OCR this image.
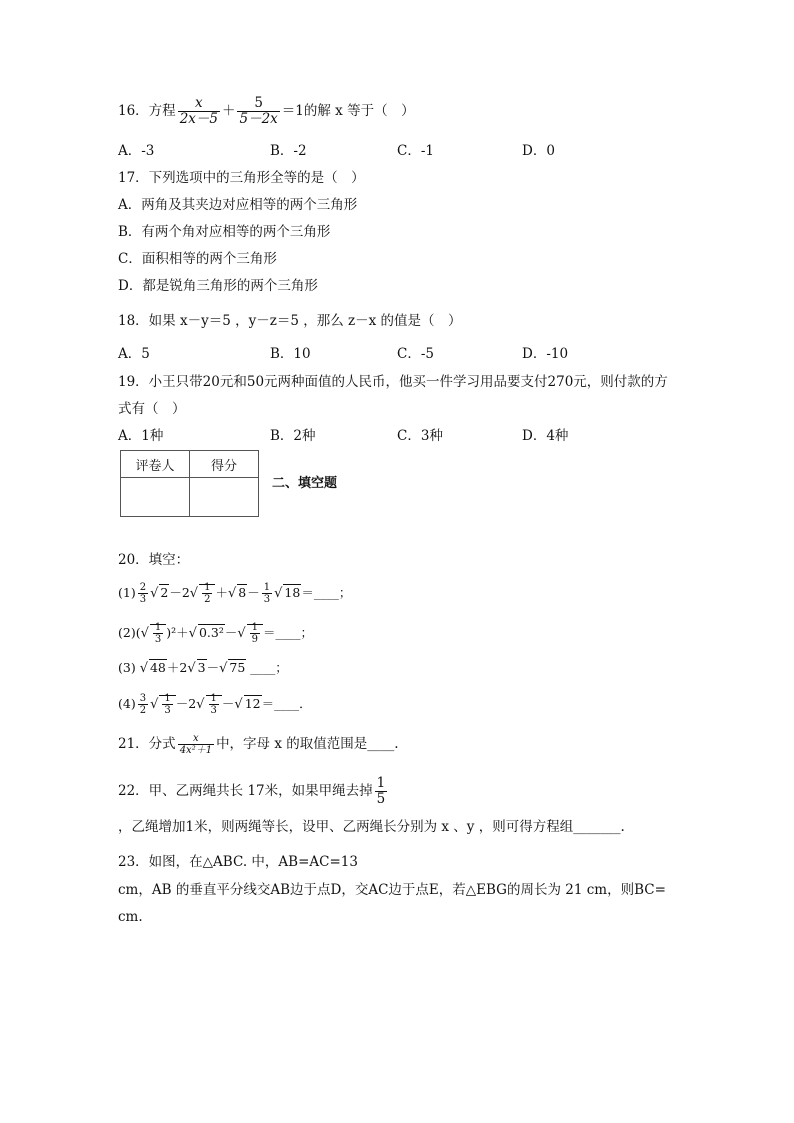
16．方程 $\frac{x}{2x-5} + \frac{5}{5-2x} =1$的解 x 等于（　）
A．-3	B．-2	C．-1	D．0
17．下列选项中的三角形全等的是（　）
A．两角及其夹边对应相等的两个三角形
B．有两个角对应相等的两个三角形
C．面积相等的两个三角形
D．都是锐角三角形的两个三角形
18．如果 x－y＝5 ，y－z＝5 ，那么 z－x 的值是（　）
A．5	B．10	C．-5	D．-10
19．小王只带20元和50元两种面值的人民币，他买一件学习用品要支付270元，则付款的方
式有（　）
A．1种	B．2种	C．3种	D．4种
评卷人	得分

二、填空题
20．填空：
$(1) \frac{2}{3}$ √ $2-2√ \frac{1}{2}$ ＋√ $8- \frac{1}{3}$ √ 18＝____；
$(2)(√ \frac{1}{3} )^2+√$ $0.3^2-√ \frac{1}{9}$ ＝____；
(3) √ 48＋2√ 3－√ 75 ____；
$(4) \frac{3}{2}$ √ $\frac{1}{3} -2√ \frac{1}{3}$ －√ 12＝____．
21．分式 $\frac{x}{\text{4x²＋1}}$ 中，字母 x 的取值范围是____.
22．甲、乙两绳共长 17米，如果甲绳去掉 $\frac{1}{5}$
，乙绳增加1米，则两绳等长，设甲、乙两绳长分别为 x 、y ，则可得方程组_______.
23．如图，在△ABC. 中，AB=AC=13
cm，AB 的垂直平分线交AB边于点D，交AC边于点E，若△EBG的周长为 21 cm，则BC=
cm.
